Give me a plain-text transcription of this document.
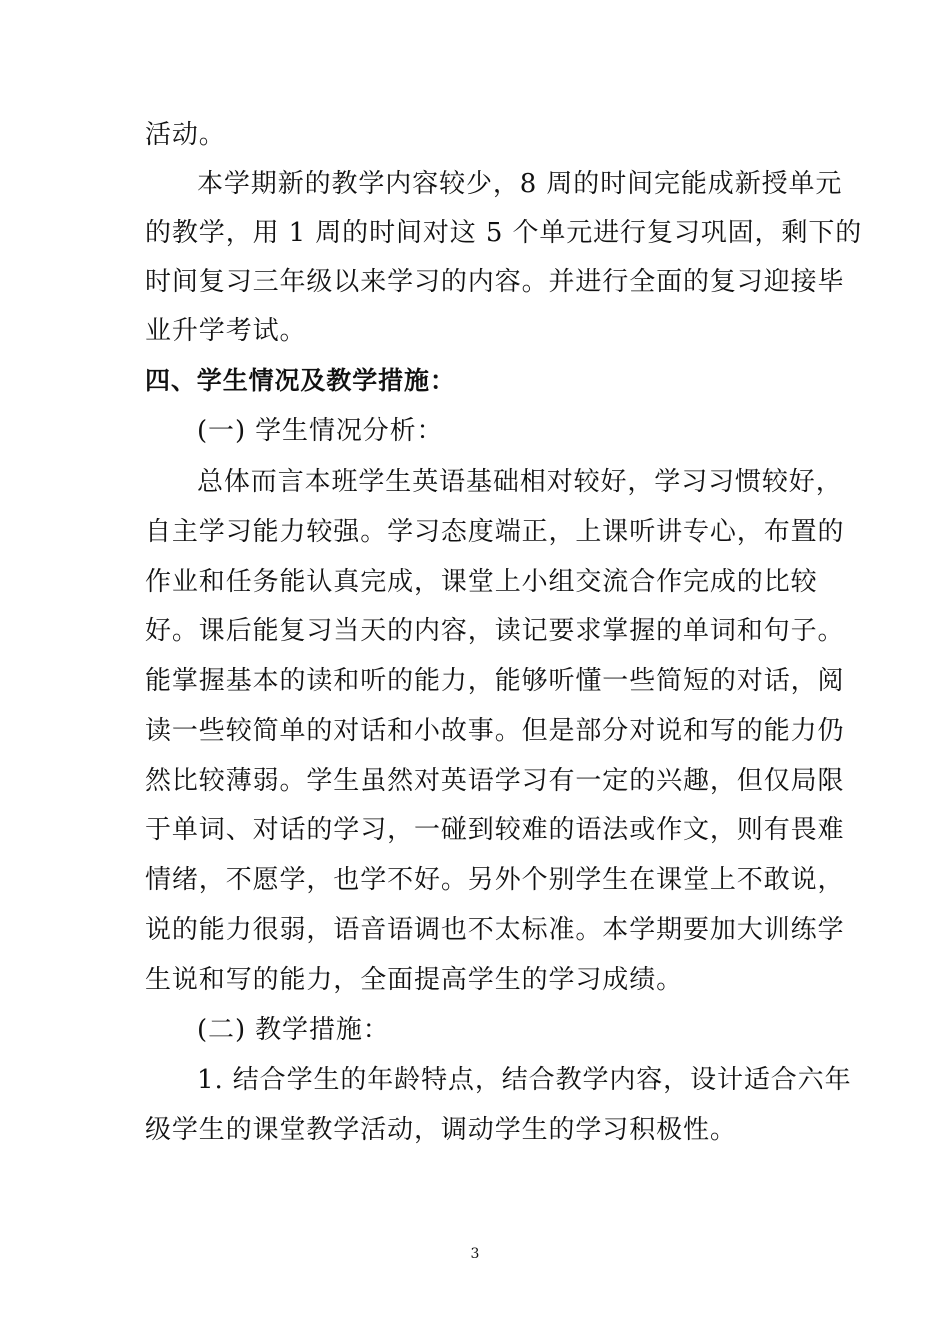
活动。
本学期新的教学内容较少，8 周的时间完能成新授单元
的教学，用 1 周的时间对这 5 个单元进行复习巩固，剩下的
时间复习三年级以来学习的内容。并进行全面的复习迎接毕
业升学考试。
四、学生情况及教学措施：
(一) 学生情况分析：
总体而言本班学生英语基础相对较好，学习习惯较好，
自主学习能力较强。学习态度端正，上课听讲专心，布置的
作业和任务能认真完成，课堂上小组交流合作完成的比较
好。课后能复习当天的内容，读记要求掌握的单词和句子。
能掌握基本的读和听的能力，能够听懂一些简短的对话，阅
读一些较简单的对话和小故事。但是部分对说和写的能力仍
然比较薄弱。学生虽然对英语学习有一定的兴趣，但仅局限
于单词、对话的学习，一碰到较难的语法或作文，则有畏难
情绪，不愿学，也学不好。另外个别学生在课堂上不敢说，
说的能力很弱，语音语调也不太标准。本学期要加大训练学
生说和写的能力，全面提高学生的学习成绩。
(二) 教学措施：
1. 结合学生的年龄特点，结合教学内容，设计适合六年
级学生的课堂教学活动，调动学生的学习积极性。
3
